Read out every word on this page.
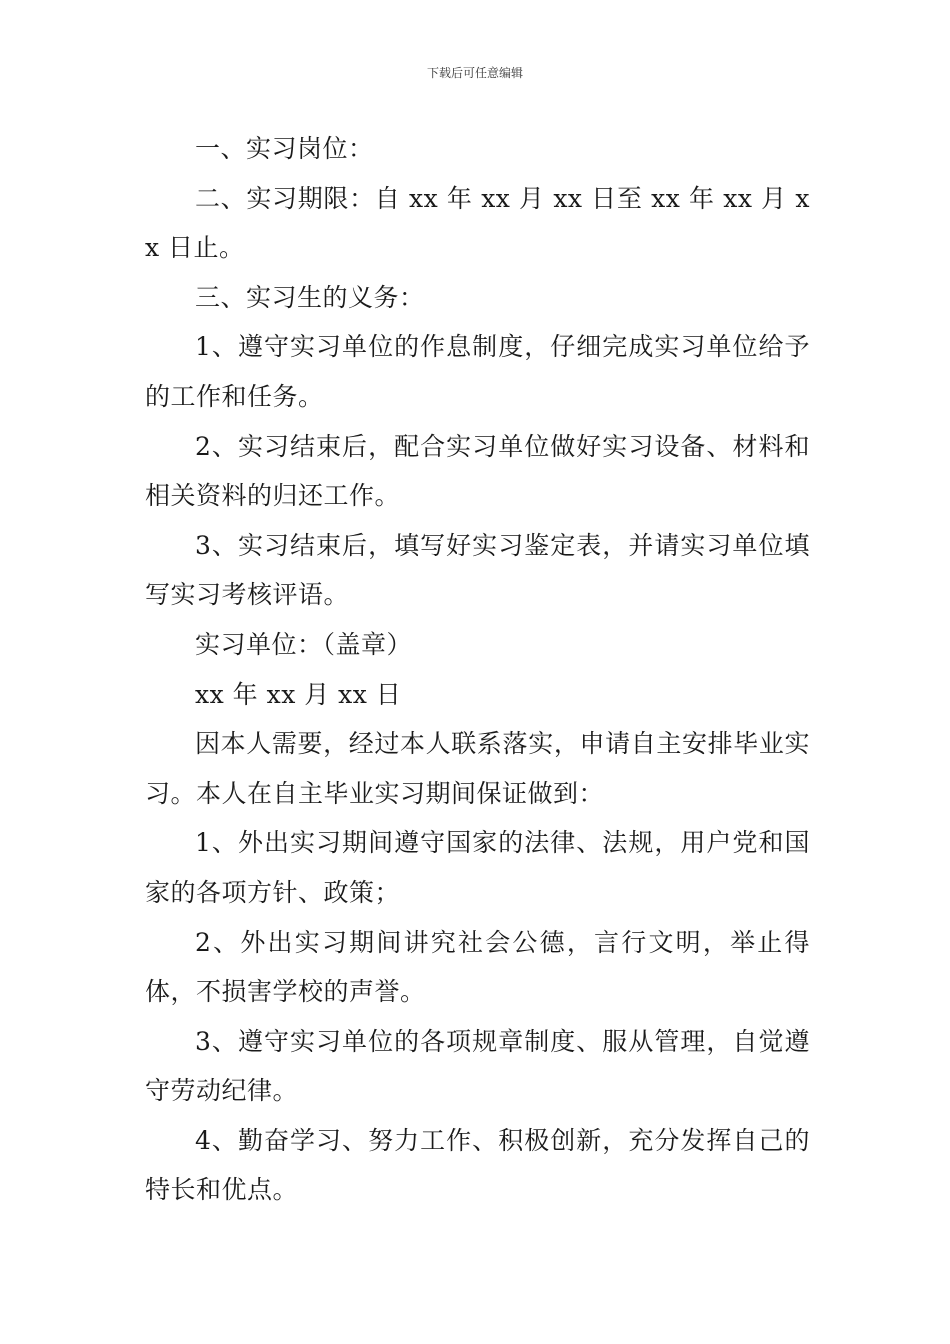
下载后可任意编辑

一、实习岗位：

二、实习期限：自 xx 年 xx 月 xx 日至 xx 年 xx 月 xx 日止。

三、实习生的义务：

1、遵守实习单位的作息制度，仔细完成实习单位给予的工作和任务。

2、实习结束后，配合实习单位做好实习设备、材料和相关资料的归还工作。

3、实习结束后，填写好实习鉴定表，并请实习单位填写实习考核评语。

实习单位：（盖章）

xx 年 xx 月 xx 日

因本人需要，经过本人联系落实，申请自主安排毕业实习。本人在自主毕业实习期间保证做到：

1、外出实习期间遵守国家的法律、法规，用户党和国家的各项方针、政策；

2、外出实习期间讲究社会公德，言行文明，举止得体，不损害学校的声誉。

3、遵守实习单位的各项规章制度、服从管理，自觉遵守劳动纪律。

4、勤奋学习、努力工作、积极创新，充分发挥自己的特长和优点。
